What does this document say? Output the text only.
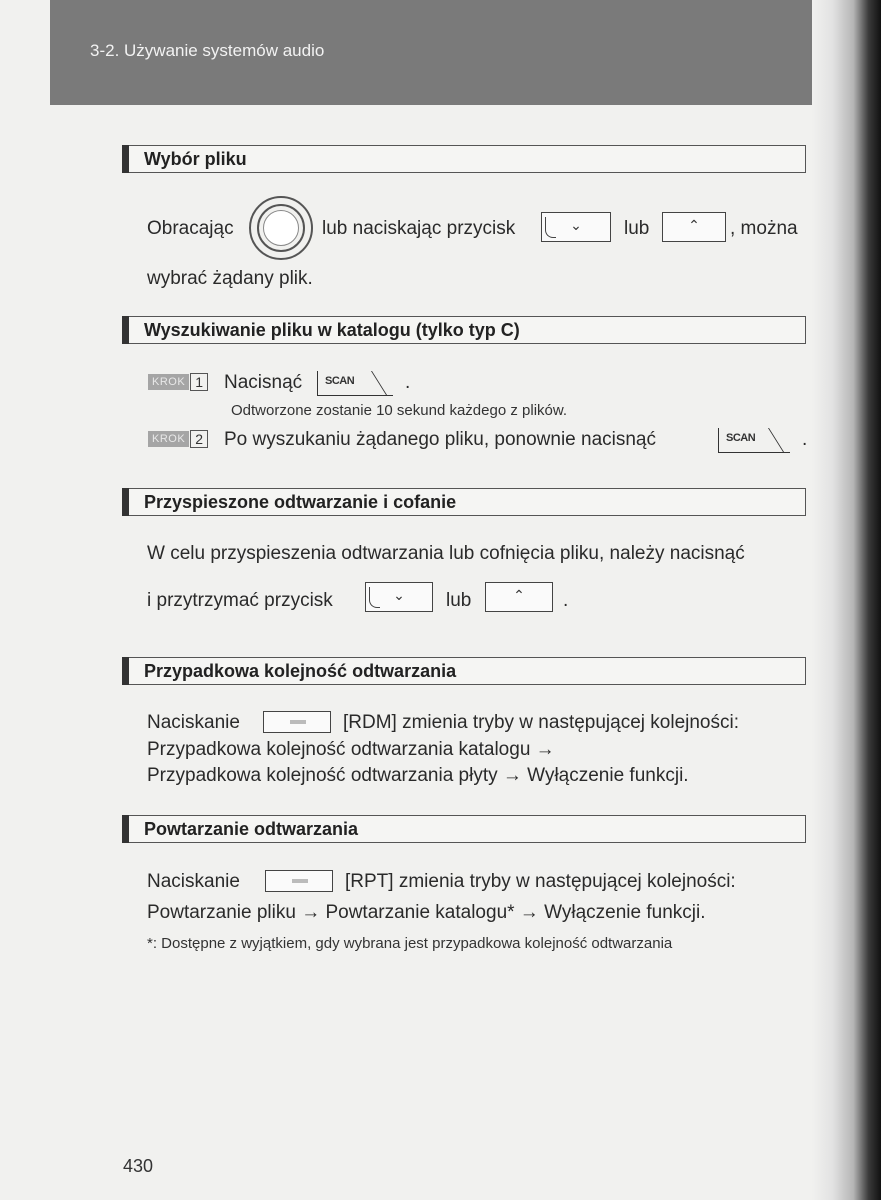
3-2. Używanie systemów audio
Wybór pliku
Obracając	lub naciskając przycisk	⌄	lub	⌃	, można
wybrać żądany plik.
Wyszukiwanie pliku w katalogu (tylko typ C)
KROK 1 Nacisnąć SCAN	.
Odtworzone zostanie 10 sekund każdego z plików.
KROK 2 Po wyszukaniu żądanego pliku, ponownie nacisnąć	SCAN .
Przyspieszone odtwarzanie i cofanie
W celu przyspieszenia odtwarzania lub cofnięcia pliku, należy nacisnąć
i przytrzymać przycisk	⌄	lub	⌃	.
Przypadkowa kolejność odtwarzania
Naciskanie	[RDM] zmienia tryby w następującej kolejności:
Przypadkowa kolejność odtwarzania katalogu →
Przypadkowa kolejność odtwarzania płyty → Wyłączenie funkcji.
Powtarzanie odtwarzania
Naciskanie	[RPT] zmienia tryby w następującej kolejności:
Powtarzanie pliku → Powtarzanie katalogu* → Wyłączenie funkcji.
*: Dostępne z wyjątkiem, gdy wybrana jest przypadkowa kolejność odtwarzania
430
